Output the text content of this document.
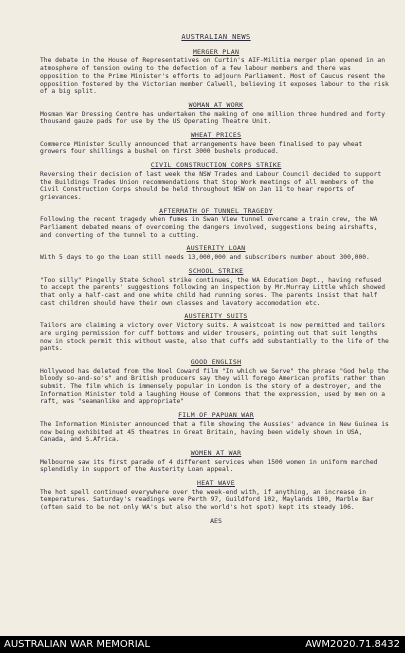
AUSTRALIAN NEWS
MERGER PLAN

The debate in the House of Representatives on Curtin's AIF-Militia merger plan opened in an atmosphere of tension owing to the defection of a few labour members and there was opposition to the Prime Minister's efforts to adjourn Parliament. Most of Caucus resent the opposition fostered by the Victorian member Calwell, believing it exposes labour to the risk of a big split.

WOMAN AT WORK

Mosman War Dressing Centre has undertaken the making of one million three hundred and forty thousand gauze pads for use by the US Operating Theatre Unit.

WHEAT PRICES

Commerce Minister Scully announced that arrangements have been finalised to pay wheat growers four shillings a bushel on first 3000 bushels produced.

CIVIL CONSTRUCTION CORPS STRIKE

Reversing their decision of last week the NSW Trades and Labour Council decided to support the Buildings Trades Union recommendations that Stop Work meetings of all members of the Civil Construction Corps should be held throughout NSW on Jan 11 to hear reports of grievances.

AFTERMATH OF TUNNEL TRAGEDY

Following the recent tragedy when fumes in Swan View tunnel overcame a train crew, the WA Parliament debated means of overcoming the dangers involved, suggestions being airshafts, and converting of the tunnel to a cutting.

AUSTERITY LOAN

With 5 days to go the Loan still needs 13,000,000 and subscribers number about 300,000.

SCHOOL STRIKE

"Too silly" Pingelly State School strike continues, the WA Education Dept., having refused to accept the parents' suggestions following an inspection by Mr.Murray Little which showed that only a half-cast and one white child had running sores. The parents insist that half cast children should have their own classes and lavatory accomodation etc.

AUSTERITY SUITS

Tailors are claiming a victory over Victory suits. A waistcoat is now permitted and tailors are urging permission for cuff bottoms and wider trousers, pointing out that suit lengths now in stock permit this without waste, also that cuffs add substantially to the life of the pants.

GOOD ENGLISH

Hollywood has deleted from the Noel Coward film "In which we Serve" the phrase "God help the bloody so-and-so's" and British producers say they will forego American profits rather than submit. The film which is immensely popular in London is the story of a destroyer, and the Information Minister told a laughing House of Commons that the expression, used by men on a raft, was "seamanlike and appropriate"

FILM OF PAPUAN WAR

The Information Minister announced that a film showing the Aussies' advance in New Guinea is now being exhibited at 45 theatres in Great Britain, having been widely shown in USA, Canada, and S.Africa.

WOMEN AT WAR

Melbourne saw its first parade of 4 different services when 1500 women in uniform marched splendidly in support of the Austerity Loan appeal.

HEAT WAVE

The hot spell continued everywhere over the week-end with, if anything, an increase in temperatures. Saturday's readings were Perth 97, Guildford 102, Maylands 100, Marble Bar (often said to be not only WA's but also the world's hot spot) kept its steady 106.

AES
AUSTRALIAN WAR MEMORIAL	AWM2020.71.8432
